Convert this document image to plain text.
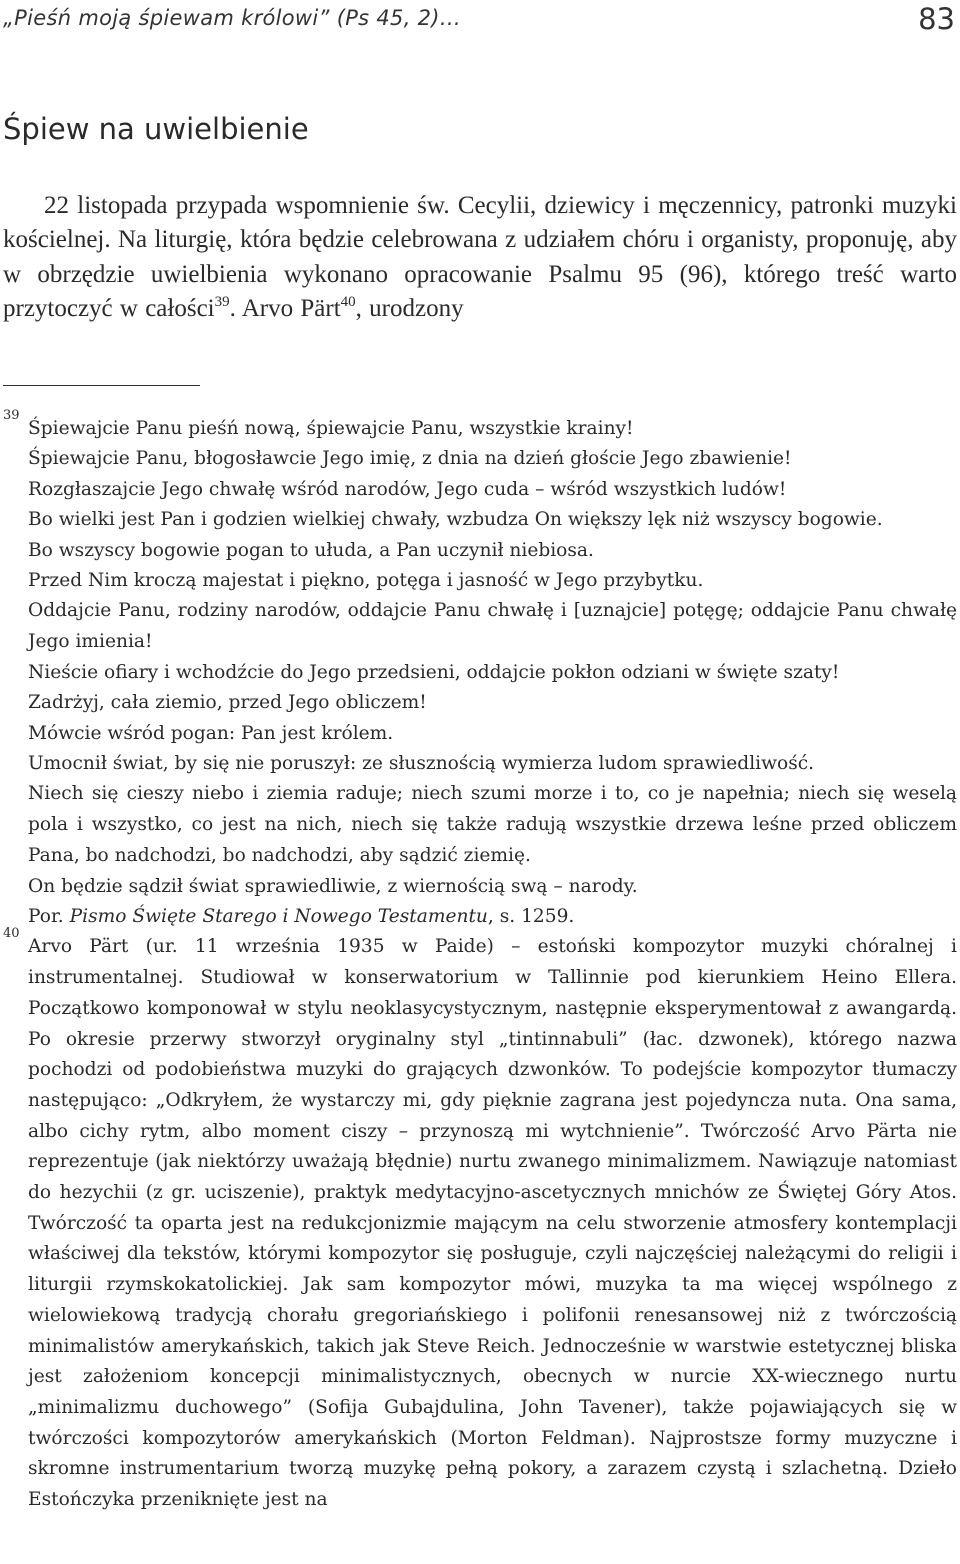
„Pieśń moją śpiewam królowi” (Ps 45, 2)…	83
Śpiew na uwielbienie

22 listopada przypada wspomnienie św. Cecylii, dziewicy i męczennicy, patronki muzyki kościelnej. Na liturgię, która będzie celebrowana z udziałem chóru i organisty, proponuję, aby w obrzędzie uwielbienia wykonano opracowanie Psalmu 95 (96), którego treść warto przytoczyć w całości$^{39}$. Arvo Pärt$^{40}$, urodzony

39
Śpiewajcie Panu pieśń nową, śpiewajcie Panu, wszystkie krainy!
Śpiewajcie Panu, błogosławcie Jego imię, z dnia na dzień głoście Jego zbawienie!
Rozgłaszajcie Jego chwałę wśród narodów, Jego cuda – wśród wszystkich ludów!
Bo wielki jest Pan i godzien wielkiej chwały, wzbudza On większy lęk niż wszyscy bogowie.
Bo wszyscy bogowie pogan to ułuda, a Pan uczynił niebiosa.
Przed Nim kroczą majestat i piękno, potęga i jasność w Jego przybytku.

Oddajcie Panu, rodziny narodów, oddajcie Panu chwałę i [uznajcie] potęgę; oddajcie Panu chwałę Jego imienia!

Nieście ofiary i wchodźcie do Jego przedsieni, oddajcie pokłon odziani w święte szaty!
Zadrżyj, cała ziemio, przed Jego obliczem!
Mówcie wśród pogan: Pan jest królem.
Umocnił świat, by się nie poruszył: ze słusznością wymierza ludom sprawiedliwość.

Niech się cieszy niebo i ziemia raduje; niech szumi morze i to, co je napełnia; niech się weselą pola i wszystko, co jest na nich, niech się także radują wszystkie drzewa leśne przed obliczem Pana, bo nadchodzi, bo nadchodzi, aby sądzić ziemię.

On będzie sądził świat sprawiedliwie, z wiernością swą – narody.
Por. Pismo Święte Starego i Nowego Testamentu, s. 1259.
40

Arvo Pärt (ur. 11 września 1935 w Paide) – estoński kompozytor muzyki chóralnej i instrumentalnej. Studiował w konserwatorium w Tallinnie pod kierunkiem Heino Ellera. Początkowo komponował w stylu neoklasycystycznym, następnie eksperymentował z awangardą. Po okresie przerwy stworzył oryginalny styl „tintinnabuli” (łac. dzwonek), którego nazwa pochodzi od podobieństwa muzyki do grających dzwonków. To podejście kompozytor tłumaczy następująco: „Odkryłem, że wystarczy mi, gdy pięknie zagrana jest pojedyncza nuta. Ona sama, albo cichy rytm, albo moment ciszy – przynoszą mi wytchnienie”. Twórczość Arvo Pärta nie reprezentuje (jak niektórzy uważają błędnie) nurtu zwanego minimalizmem. Nawiązuje natomiast do hezychii (z gr. uciszenie), praktyk medytacyjno-ascetycznych mnichów ze Świętej Góry Atos. Twórczość ta oparta jest na redukcjonizmie mającym na celu stworzenie atmosfery kontemplacji właściwej dla tekstów, którymi kompozytor się posługuje, czyli najczęściej należącymi do religii i liturgii rzymskokatolickiej. Jak sam kompozytor mówi, muzyka ta ma więcej wspólnego z wielowiekową tradycją chorału gregoriańskiego i polifonii renesansowej niż z twórczością minimalistów amerykańskich, takich jak Steve Reich. Jednocześnie w warstwie estetycznej bliska jest założeniom koncepcji minimalistycznych, obecnych w nurcie XX-wiecznego nurtu „minimalizmu duchowego” (Sofija Gubajdulina, John Tavener), także pojawiających się w twórczości kompozytorów amerykańskich (Morton Feldman). Najprostsze formy muzyczne i skromne instrumentarium tworzą muzykę pełną pokory, a zarazem czystą i szlachetną. Dzieło Estończyka przeniknięte jest na
